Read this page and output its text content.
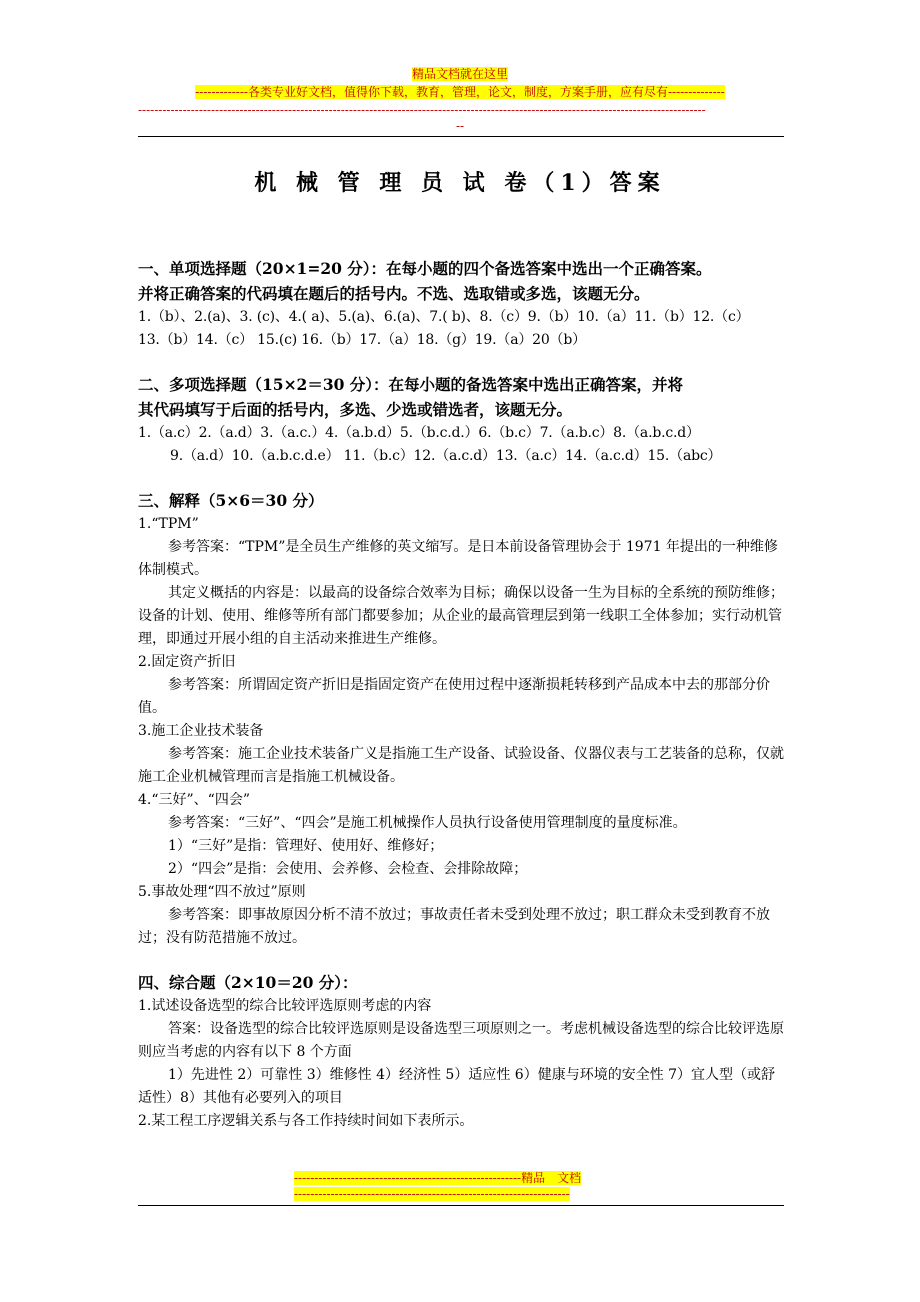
精品文档就在这里
-------------各类专业好文档，值得你下载，教育，管理，论文，制度，方案手册，应有尽有--------------
--------------------------------------------------------------------------------------------------------------------------------------------
--
机 械 管 理 员 试 卷（1）答案

一、单项选择题（20×1=20 分）：在每小题的四个备选答案中选出一个正确答案。

并将正确答案的代码填在题后的括号内。不选、选取错或多选，该题无分。

1.（b）、2.(a)、3. (c)、4.( a)、5.(a)、6.(a)、7.( b)、8.（c）9.（b）10.（a）11.（b）12.（c）

13.（b）14.（c） 15.(c) 16.（b）17.（a）18.（g）19.（a）20（b）

二、多项选择题（15×2＝30 分）：在每小题的备选答案中选出正确答案，并将

其代码填写于后面的括号内，多选、少选或错选者，该题无分。

1.（a.c）2.（a.d）3.（a.c.）4.（a.b.d）5.（b.c.d.）6.（b.c）7.（a.b.c）8.（a.b.c.d）

9.（a.d）10.（a.b.c.d.e） 11.（b.c）12.（a.c.d）13.（a.c）14.（a.c.d）15.（abc）

三、解释（5×6＝30 分）

1.“TPM”

参考答案：“TPM”是全员生产维修的英文缩写。是日本前设备管理协会于 1971 年提出的一种维修体制模式。

其定义概括的内容是：以最高的设备综合效率为目标；确保以设备一生为目标的全系统的预防维修；设备的计划、使用、维修等所有部门都要参加；从企业的最高管理层到第一线职工全体参加；实行动机管理，即通过开展小组的自主活动来推进生产维修。

2.固定资产折旧

参考答案：所谓固定资产折旧是指固定资产在使用过程中逐渐损耗转移到产品成本中去的那部分价值。

3.施工企业技术装备

参考答案：施工企业技术装备广义是指施工生产设备、试验设备、仪器仪表与工艺装备的总称，仅就施工企业机械管理而言是指施工机械设备。

4.“三好”、“四会”

参考答案：“三好”、“四会”是施工机械操作人员执行设备使用管理制度的量度标准。

1）“三好”是指：管理好、使用好、维修好；

2）“四会”是指：会使用、会养修、会检查、会排除故障；

5.事故处理“四不放过”原则

参考答案：即事故原因分析不清不放过；事故责任者未受到处理不放过；职工群众未受到教育不放过；没有防范措施不放过。

四、综合题（2×10＝20 分）：

1.试述设备选型的综合比较评选原则考虑的内容

答案：设备选型的综合比较评选原则是设备选型三项原则之一。考虑机械设备选型的综合比较评选原则应当考虑的内容有以下 8 个方面

1）先进性 2）可靠性 3）维修性 4）经济性 5）适应性 6）健康与环境的安全性 7）宜人型（或舒适性）8）其他有必要列入的项目

2.某工程工序逻辑关系与各工作持续时间如下表所示。

--------------------------------------------------------精品　文档
--------------------------------------------------------------------
